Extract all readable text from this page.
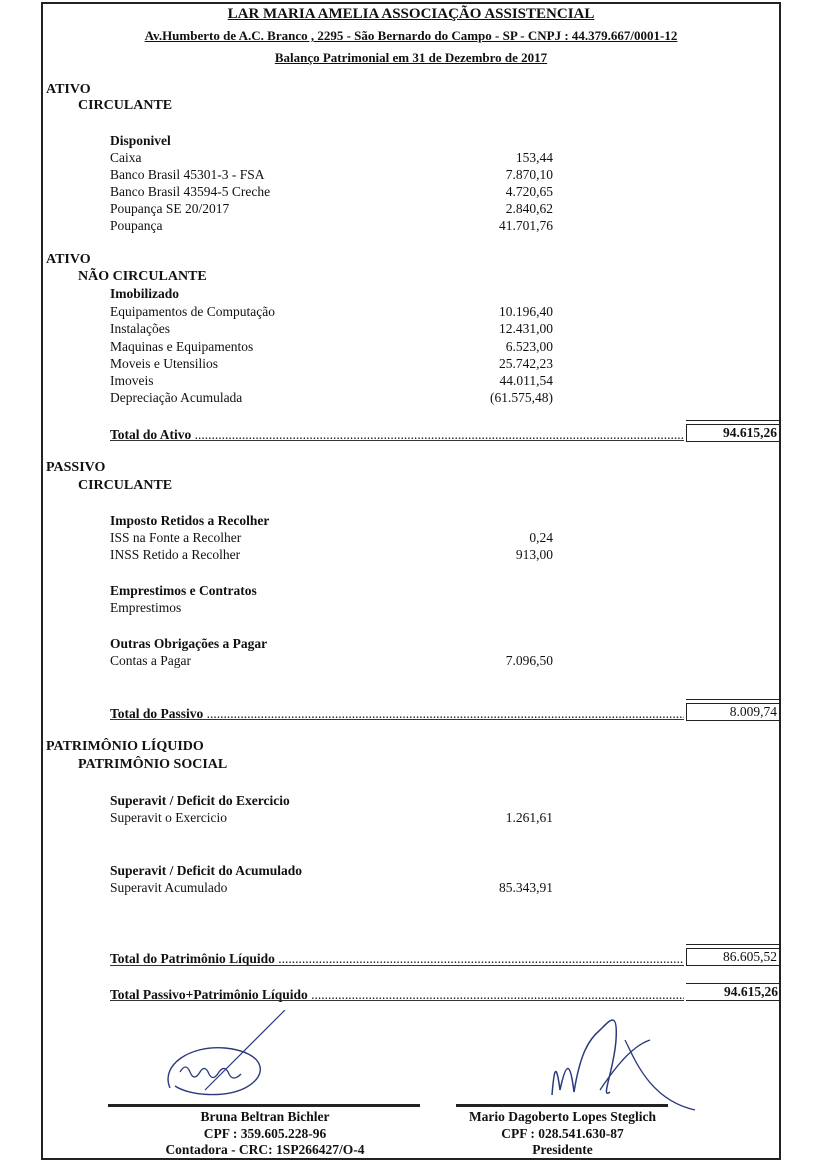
LAR MARIA AMELIA ASSOCIAÇÃO ASSISTENCIAL
Av.Humberto de A.C. Branco , 2295 - São Bernardo do Campo - SP - CNPJ : 44.379.667/0001-12
Balanço Patrimonial em 31 de Dezembro de 2017
ATIVO
CIRCULANTE
Disponivel
Caixa	153,44
Banco Brasil 45301-3 - FSA	7.870,10
Banco Brasil 43594-5 Creche	4.720,65
Poupança SE 20/2017	2.840,62
Poupança	41.701,76
ATIVO
NÃO CIRCULANTE
Imobilizado
Equipamentos de Computação	10.196,40
Instalações	12.431,00
Maquinas e Equipamentos	6.523,00
Moveis e Utensilios	25.742,23
Imoveis	44.011,54
Depreciação Acumulada	(61.575,48)
Total do Ativo .....	94.615,26
PASSIVO
CIRCULANTE
Imposto Retidos a Recolher
ISS na Fonte a Recolher	0,24
INSS Retido a Recolher	913,00
Emprestimos e Contratos
Emprestimos
Outras Obrigações a Pagar
Contas a Pagar	7.096,50
Total do Passivo .....	8.009,74
PATRIMÔNIO LÍQUIDO
PATRIMÔNIO SOCIAL
Superavit / Deficit do Exercicio
Superavit o Exercicio	1.261,61
Superavit / Deficit do Acumulado
Superavit Acumulado	85.343,91
Total do Patrimônio Líquido .....	86.605,52
Total Passivo+Patrimônio Líquido .....	94.615,26
Bruna Beltran Bichler
CPF : 359.605.228-96
Contadora - CRC: 1SP266427/O-4
Mario Dagoberto Lopes Steglich
CPF : 028.541.630-87
Presidente
